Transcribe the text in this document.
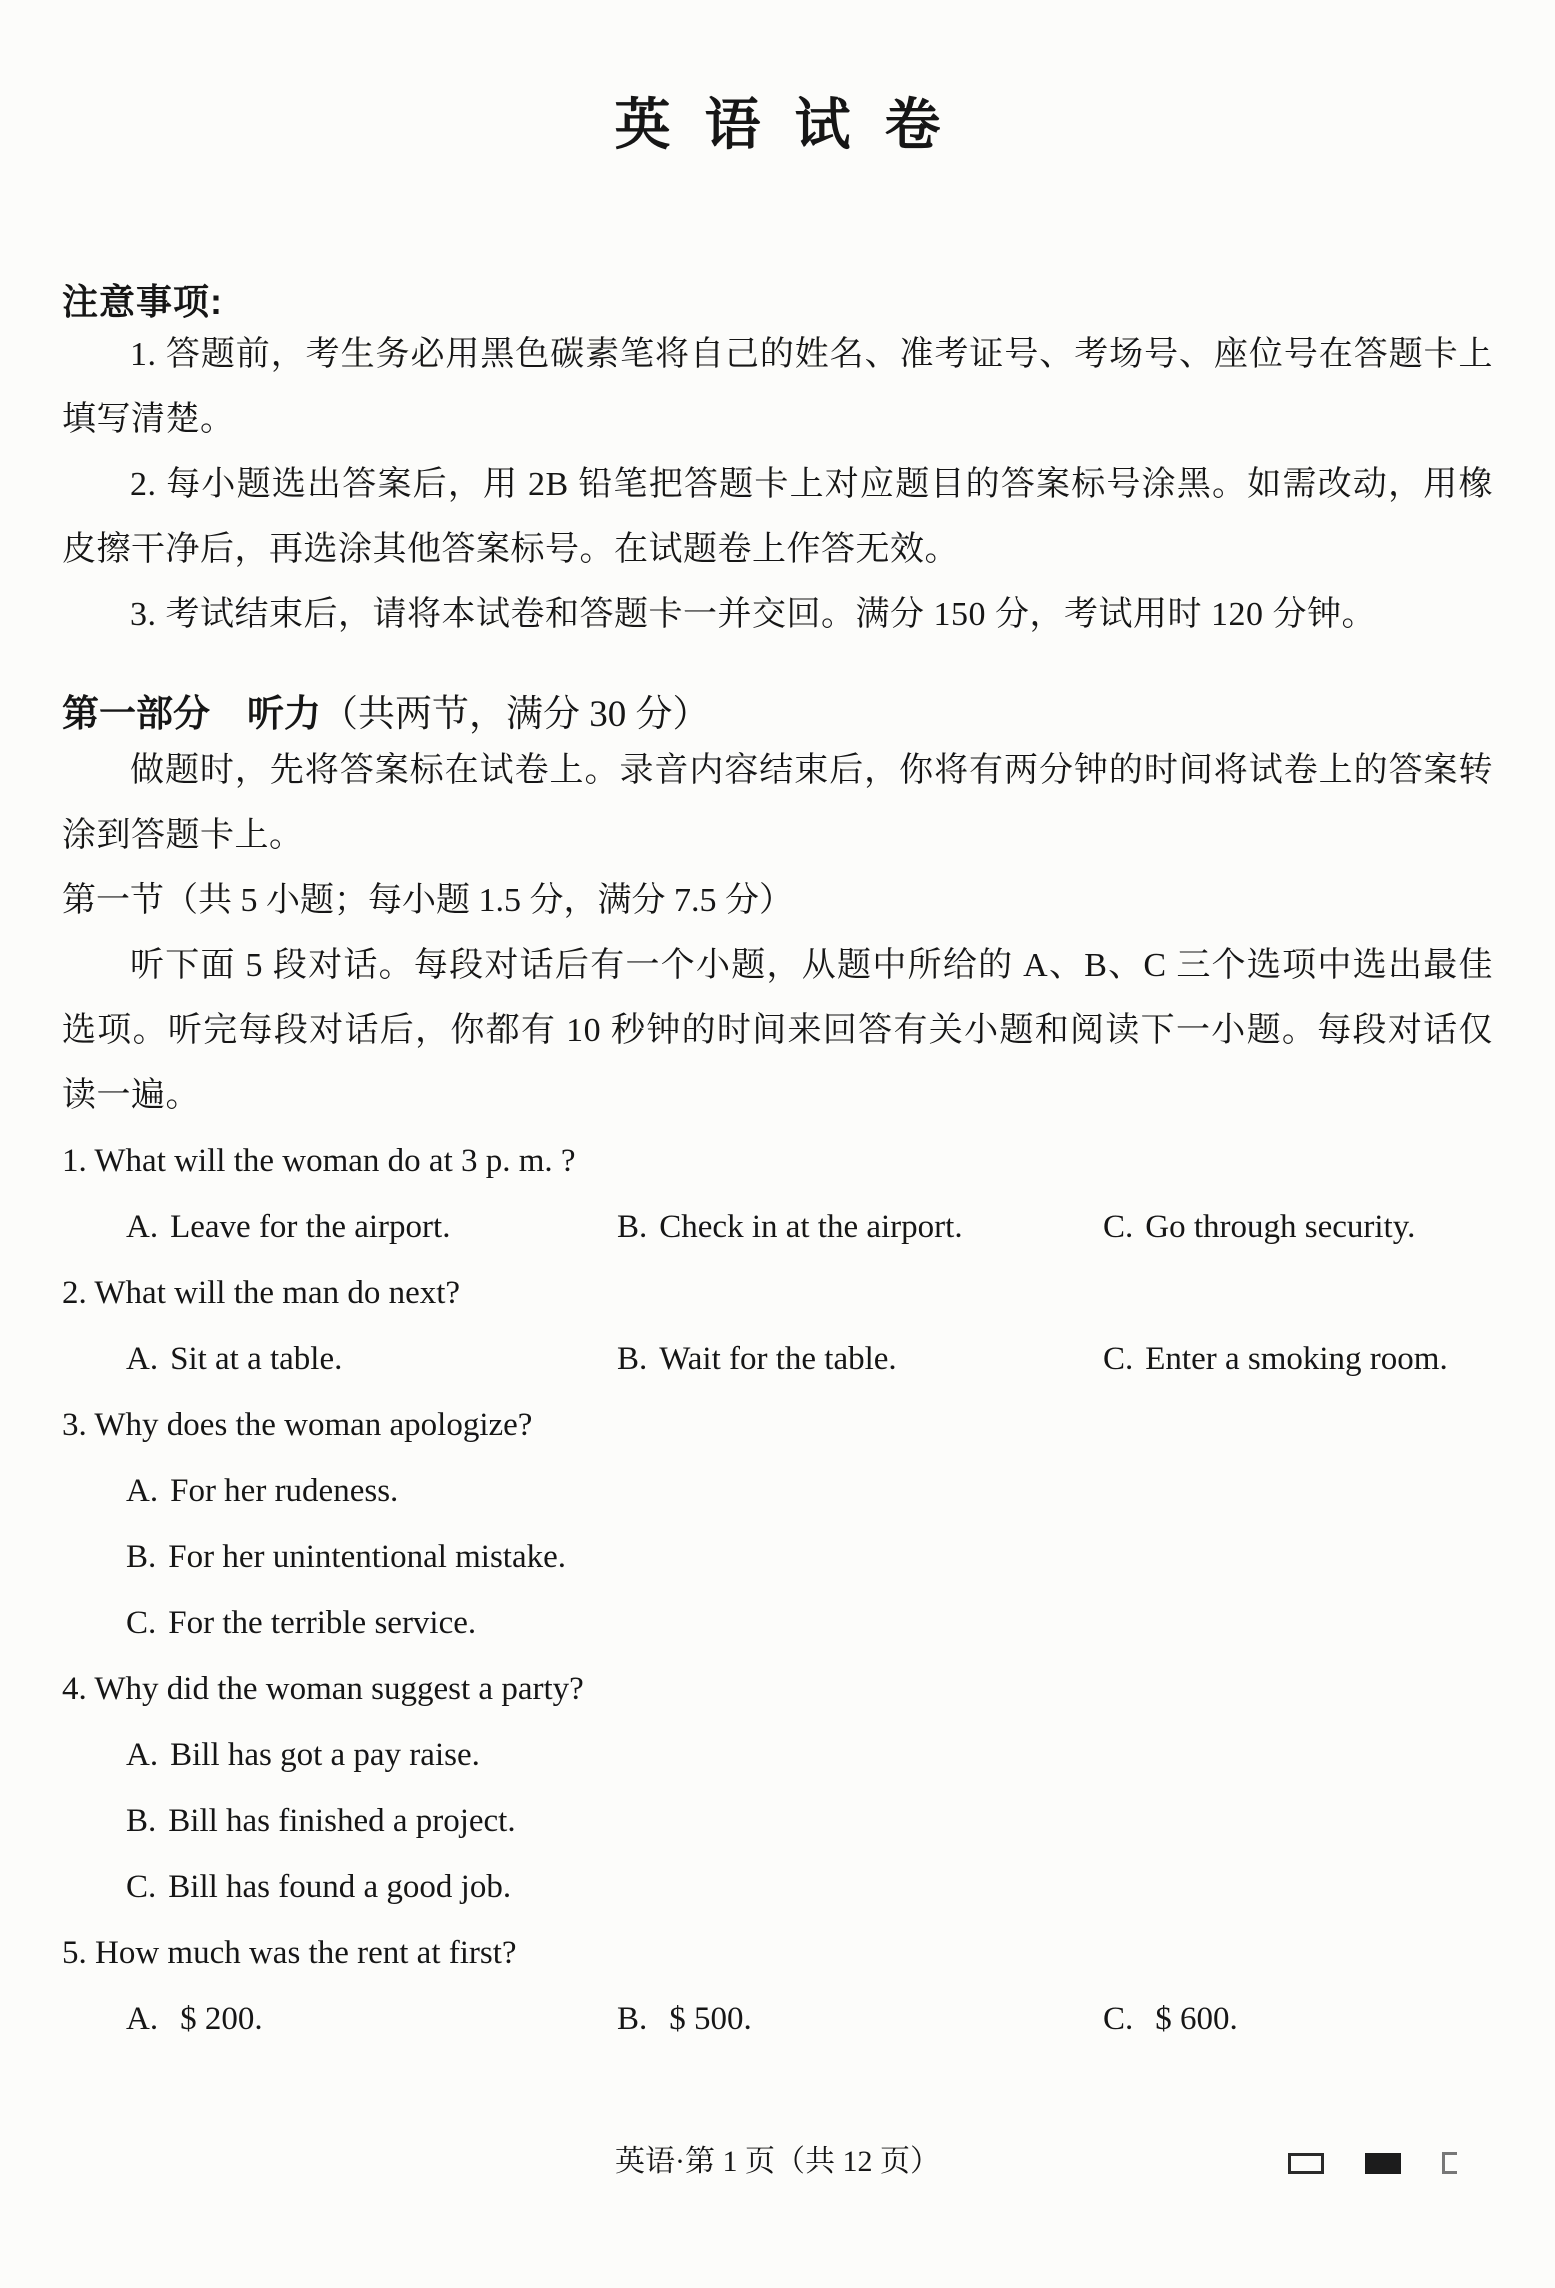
英 语 试 卷
注意事项:

1. 答题前，考生务必用黑色碳素笔将自己的姓名、准考证号、考场号、座位号在答题卡上填写清楚。

2. 每小题选出答案后，用 2B 铅笔把答题卡上对应题目的答案标号涂黑。如需改动，用橡皮擦干净后，再选涂其他答案标号。在试题卷上作答无效。

3. 考试结束后，请将本试卷和答题卡一并交回。满分 150 分，考试用时 120 分钟。

第一部分　听力（共两节，满分 30 分）

做题时，先将答案标在试卷上。录音内容结束后，你将有两分钟的时间将试卷上的答案转涂到答题卡上。

第一节（共 5 小题；每小题 1.5 分，满分 7.5 分）

听下面 5 段对话。每段对话后有一个小题，从题中所给的 A、B、C 三个选项中选出最佳选项。听完每段对话后，你都有 10 秒钟的时间来回答有关小题和阅读下一小题。每段对话仅读一遍。

1. What will the woman do at 3 p. m. ?
A. Leave for the airport.	B. Check in at the airport.	C. Go through security.
2. What will the man do next?
A. Sit at a table.	B. Wait for the table.	C. Enter a smoking room.
3. Why does the woman apologize?
A. For her rudeness.
B. For her unintentional mistake.
C. For the terrible service.
4. Why did the woman suggest a party?
A. Bill has got a pay raise.
B. Bill has finished a project.
C. Bill has found a good job.
5. How much was the rent at first?
A. $ 200.	B. $ 500.	C. $ 600.
英语·第 1 页（共 12 页）
